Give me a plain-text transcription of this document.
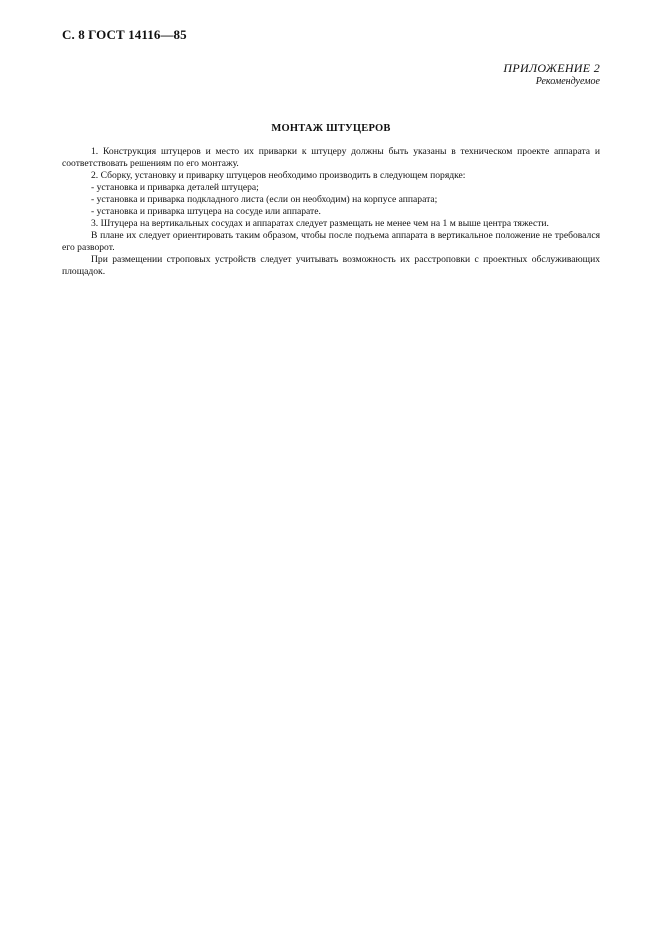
С. 8 ГОСТ 14116—85
ПРИЛОЖЕНИЕ 2
Рекомендуемое
МОНТАЖ ШТУЦЕРОВ

1. Конструкция штуцеров и место их приварки к штуцеру должны быть указаны в техническом проекте аппарата и соответствовать решениям по его монтажу.

2. Сборку, установку и приварку штуцеров необходимо производить в следующем порядке:

- установка и приварка деталей штуцера;

- установка и приварка подкладного листа (если он необходим) на корпусе аппарата;

- установка и приварка штуцера на сосуде или аппарате.

3. Штуцера на вертикальных сосудах и аппаратах следует размещать не менее чем на 1 м выше центра тяжести.

В плане их следует ориентировать таким образом, чтобы после подъема аппарата в вертикальное положение не требовался его разворот.

При размещении строповых устройств следует учитывать возможность их расстроповки с проектных обслуживающих площадок.
